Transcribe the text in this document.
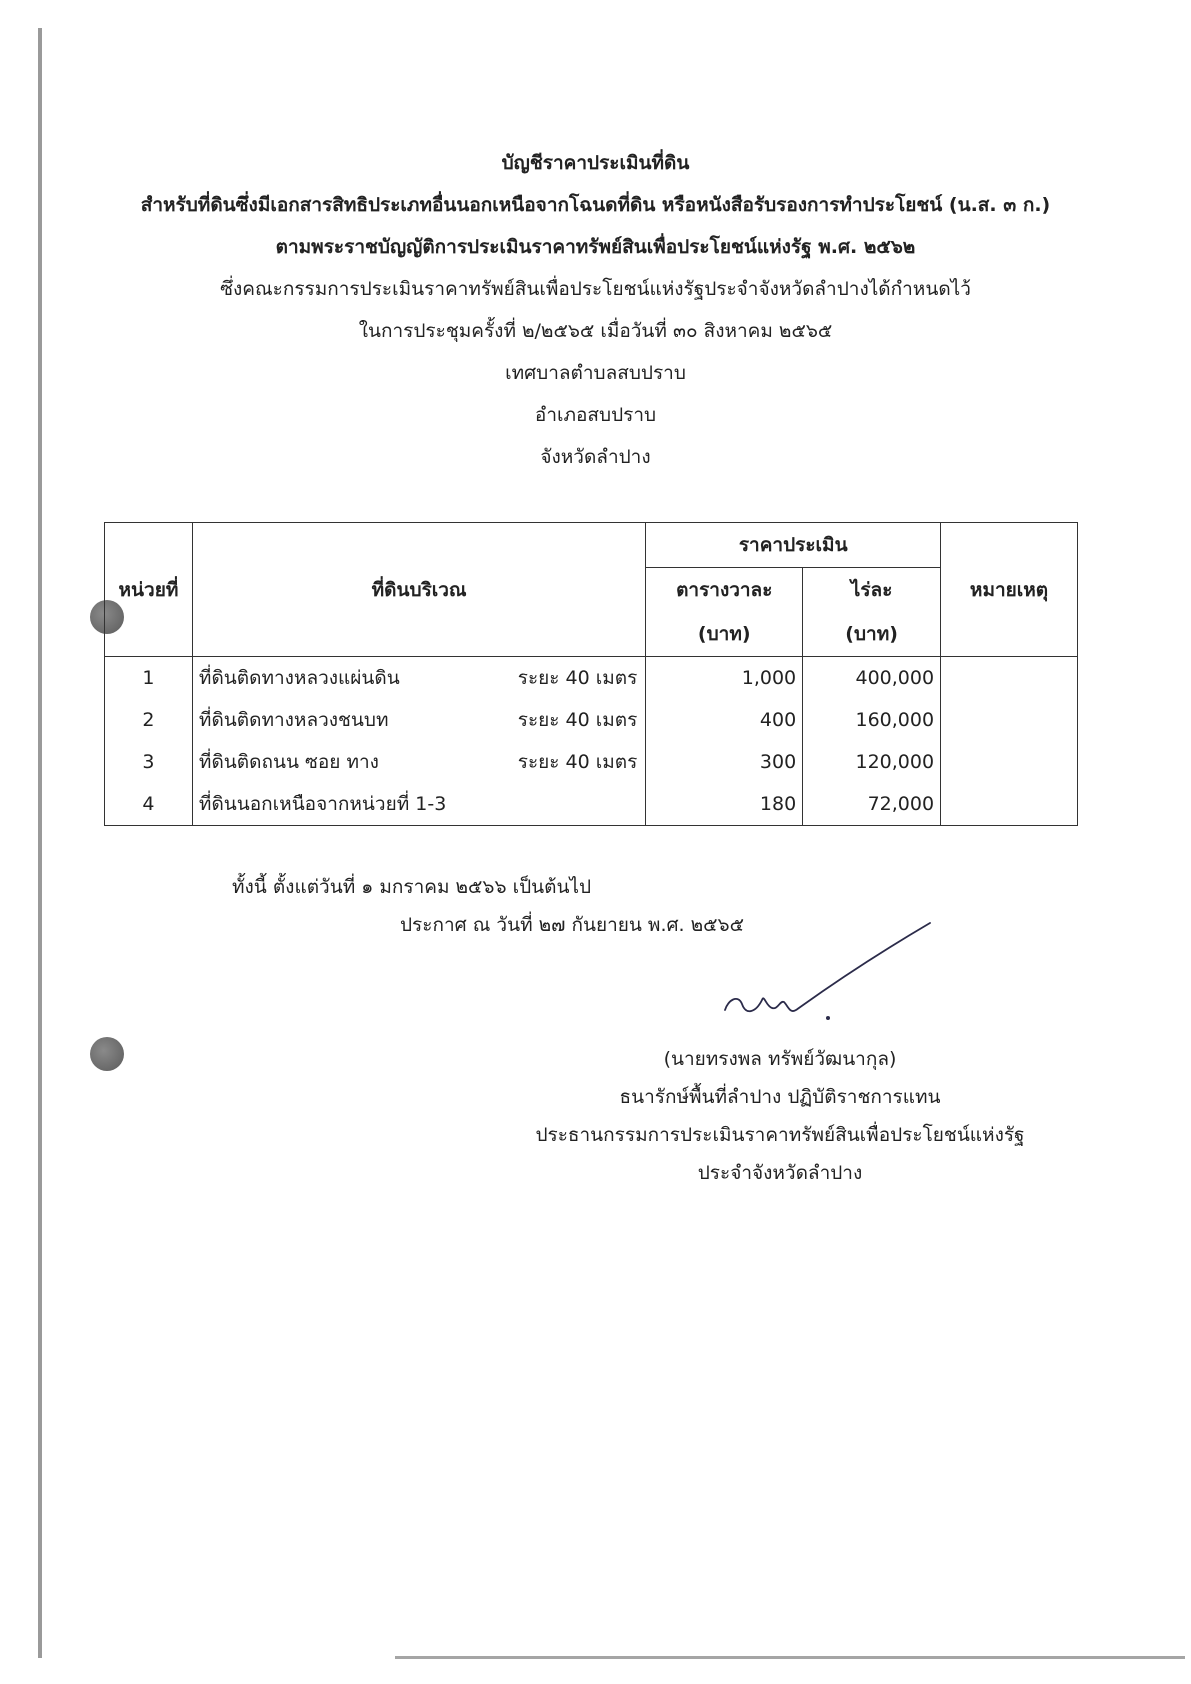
บัญชีราคาประเมินที่ดิน
สำหรับที่ดินซึ่งมีเอกสารสิทธิประเภทอื่นนอกเหนือจากโฉนดที่ดิน หรือหนังสือรับรองการทำประโยชน์ (น.ส. ๓ ก.)
ตามพระราชบัญญัติการประเมินราคาทรัพย์สินเพื่อประโยชน์แห่งรัฐ พ.ศ. ๒๕๖๒
ซึ่งคณะกรรมการประเมินราคาทรัพย์สินเพื่อประโยชน์แห่งรัฐประจำจังหวัดลำปางได้กำหนดไว้
ในการประชุมครั้งที่ ๒/๒๕๖๕ เมื่อวันที่ ๓๐ สิงหาคม ๒๕๖๕
เทศบาลตำบลสบปราบ
อำเภอสบปราบ
จังหวัดลำปาง
หน่วยที่	ที่ดินบริเวณ	ราคาประเมิน		หมายเหตุ
		ตารางวาละ	ไร่ละ	
		(บาท)	(บาท)	
1	ที่ดินติดทางหลวงแผ่นดิน ระยะ 40 เมตร	1,000	400,000	
2	ที่ดินติดทางหลวงชนบท ระยะ 40 เมตร	400	160,000	
3	ที่ดินติดถนน ซอย ทาง ระยะ 40 เมตร	300	120,000	
4	ที่ดินนอกเหนือจากหน่วยที่ 1-3	180	72,000	
ทั้งนี้ ตั้งแต่วันที่ ๑ มกราคม ๒๕๖๖ เป็นต้นไป
ประกาศ ณ วันที่ ๒๗ กันยายน พ.ศ. ๒๕๖๕
(นายทรงพล ทรัพย์วัฒนากุล)
ธนารักษ์พื้นที่ลำปาง ปฏิบัติราชการแทน
ประธานกรรมการประเมินราคาทรัพย์สินเพื่อประโยชน์แห่งรัฐ
ประจำจังหวัดลำปาง
